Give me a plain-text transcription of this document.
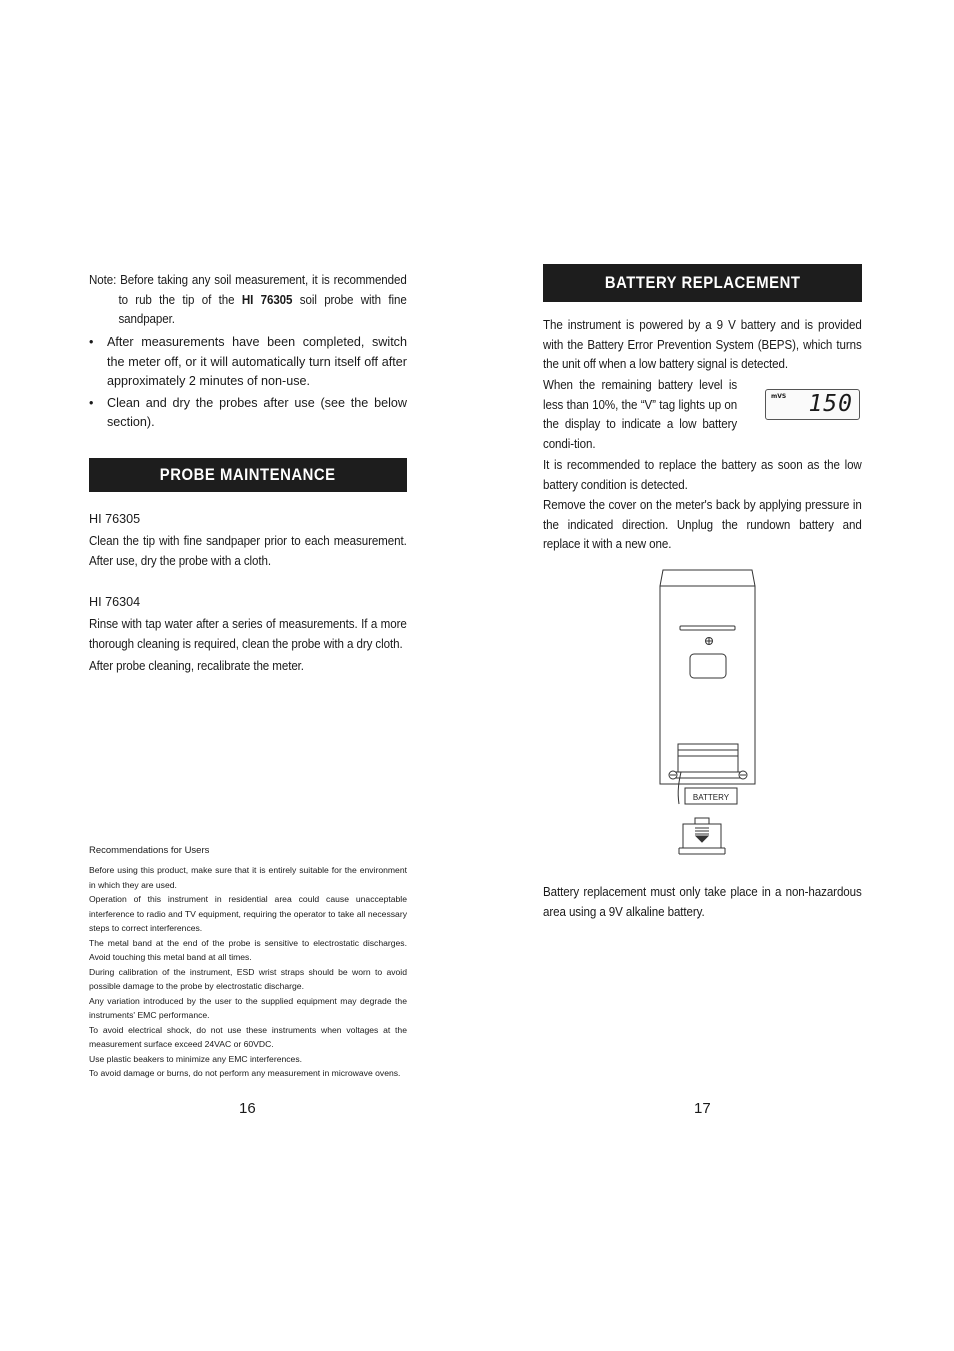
Note: Before taking any soil measurement, it is recommended to rub the tip of the HI 76305 soil probe with fine sandpaper.

• After measurements have been completed, switch the meter off, or it will automatically turn itself off after approximately 2 minutes of non-use.
• Clean and dry the probes after use (see the below section).
PROBE MAINTENANCE

HI 76305

Clean the tip with fine sandpaper prior to each measurement. After use, dry the probe with a cloth.

HI 76304

Rinse with tap water after a series of measurements. If a more thorough cleaning is required, clean the probe with a dry cloth.

After probe cleaning, recalibrate the meter.

Recommendations for Users

Before using this product, make sure that it is entirely suitable for the environment in which they are used.
Operation of this instrument in residential area could cause unacceptable interference to radio and TV equipment, requiring the operator to take all necessary steps to correct interferences.
The metal band at the end of the probe is sensitive to electrostatic discharges. Avoid touching this metal band at all times.
During calibration of the instrument, ESD wrist straps should be worn to avoid possible damage to the probe by electrostatic discharge.
Any variation introduced by the user to the supplied equipment may degrade the instruments' EMC performance.
To avoid electrical shock, do not use these instruments when voltages at the measurement surface exceed 24VAC or 60VDC.
Use plastic beakers to minimize any EMC interferences.
To avoid damage or burns, do not perform any measurement in microwave ovens.
16
BATTERY REPLACEMENT

The instrument is powered by a 9 V battery and is provided with the Battery Error Prevention System (BEPS), which turns the unit off when a low battery signal is detected.

When the remaining battery level is less than 10%, the “V” tag lights up on the display to indicate a low battery condi-tion.

mVS 150

It is recommended to replace the battery as soon as the low battery condition is detected.

Remove the cover on the meter's back by applying pressure in the indicated direction. Unplug the rundown battery and replace it with a new one.

BATTERY

Battery replacement must only take place in a non-hazardous area using a 9V alkaline battery.

17
